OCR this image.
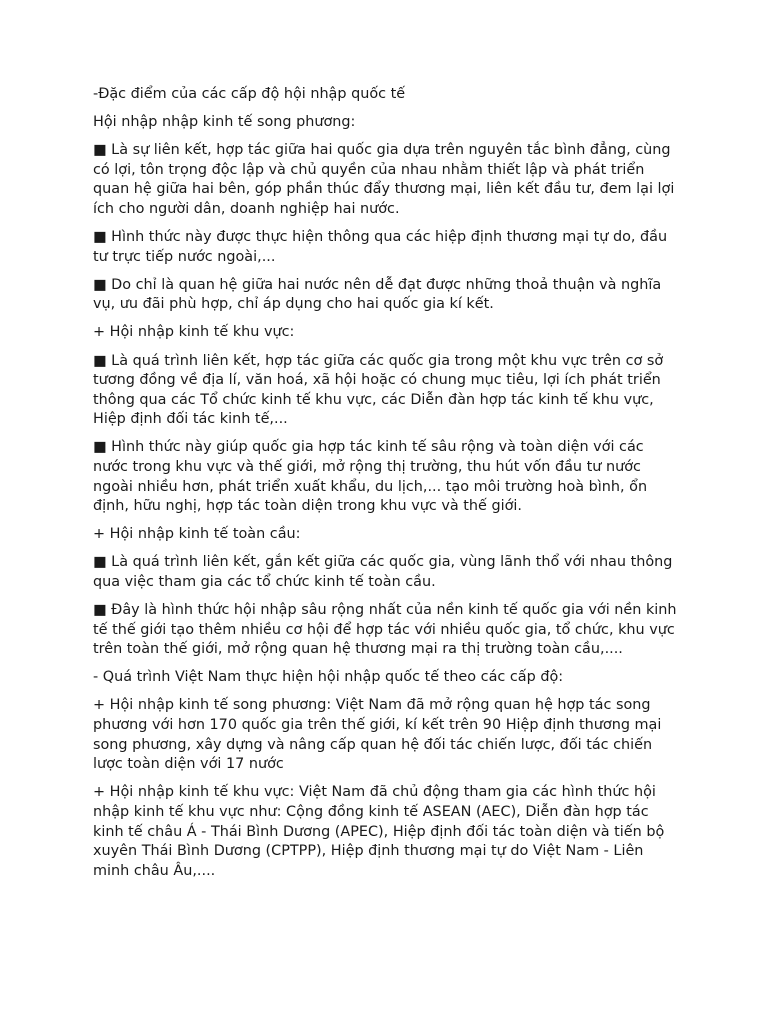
-Đặc điểm của các cấp độ hội nhập quốc tế

Hội nhập nhập kinh tế song phương:

■ Là sự liên kết, hợp tác giữa hai quốc gia dựa trên nguyên tắc bình đẳng, cùng có lợi, tôn trọng độc lập và chủ quyền của nhau nhằm thiết lập và phát triển quan hệ giữa hai bên, góp phần thúc đẩy thương mại, liên kết đầu tư, đem lại lợi ích cho người dân, doanh nghiệp hai nước.

■ Hình thức này được thực hiện thông qua các hiệp định thương mại tự do, đầu tư trực tiếp nước ngoài,...

■ Do chỉ là quan hệ giữa hai nước nên dễ đạt được những thoả thuận và nghĩa vụ, ưu đãi phù hợp, chỉ áp dụng cho hai quốc gia kí kết.

+ Hội nhập kinh tế khu vực:

■ Là quá trình liên kết, hợp tác giữa các quốc gia trong một khu vực trên cơ sở tương đồng về địa lí, văn hoá, xã hội hoặc có chung mục tiêu, lợi ích phát triển thông qua các Tổ chức kinh tế khu vực, các Diễn đàn hợp tác kinh tế khu vực, Hiệp định đối tác kinh tế,...

■ Hình thức này giúp quốc gia hợp tác kinh tế sâu rộng và toàn diện với các nước trong khu vực và thế giới, mở rộng thị trường, thu hút vốn đầu tư nước ngoài nhiều hơn, phát triển xuất khẩu, du lịch,... tạo môi trường hoà bình, ổn định, hữu nghị, hợp tác toàn diện trong khu vực và thế giới.

+ Hội nhập kinh tế toàn cầu:

■ Là quá trình liên kết, gắn kết giữa các quốc gia, vùng lãnh thổ với nhau thông qua việc tham gia các tổ chức kinh tế toàn cầu.

■ Đây là hình thức hội nhập sâu rộng nhất của nền kinh tế quốc gia với nền kinh tế thế giới tạo thêm nhiều cơ hội để hợp tác với nhiều quốc gia, tổ chức, khu vực trên toàn thế giới, mở rộng quan hệ thương mại ra thị trường toàn cầu,....

- Quá trình Việt Nam thực hiện hội nhập quốc tế theo các cấp độ:

+ Hội nhập kinh tế song phương: Việt Nam đã mở rộng quan hệ hợp tác song phương với hơn 170 quốc gia trên thế giới, kí kết trên 90 Hiệp định thương mại song phương, xây dựng và nâng cấp quan hệ đối tác chiến lược, đối tác chiến lược toàn diện với 17 nước

+ Hội nhập kinh tế khu vực: Việt Nam đã chủ động tham gia các hình thức hội nhập kinh tế khu vực như: Cộng đồng kinh tế ASEAN (AEC), Diễn đàn hợp tác kinh tế châu Á - Thái Bình Dương (APEC), Hiệp định đối tác toàn diện và tiến bộ xuyên Thái Bình Dương (CPTPP), Hiệp định thương mại tự do Việt Nam - Liên minh châu Âu,....
